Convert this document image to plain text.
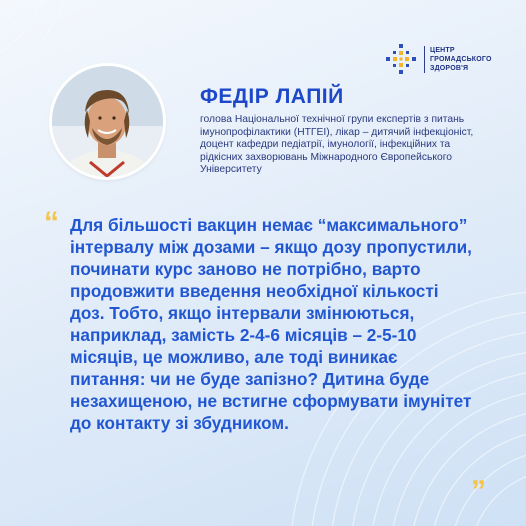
ЦЕНТР
ГРОМАДСЬКОГО
ЗДОРОВ'Я
ФЕДІР ЛАПІЙ

голова Національної технічної групи експертів з питань імунопрофілактики (НТГЕІ), лікар – дитячий інфекціоніст, доцент кафедри педіатрії, імунології, інфекційних та рідкісних захворювань Міжнародного Європейського Університету

“ Для більшості вакцин немає “максимального” інтервалу між дозами – якщо дозу пропустили, починати курс заново не потрібно, варто продовжити введення необхідної кількості доз. Тобто, якщо інтервали змінюються, наприклад, замість 2-4-6 місяців – 2-5-10 місяців, це можливо, але тоді виникає питання: чи не буде запізно? Дитина буде незахищеною, не встигне сформувати імунітет до контакту зі збудником.

„
